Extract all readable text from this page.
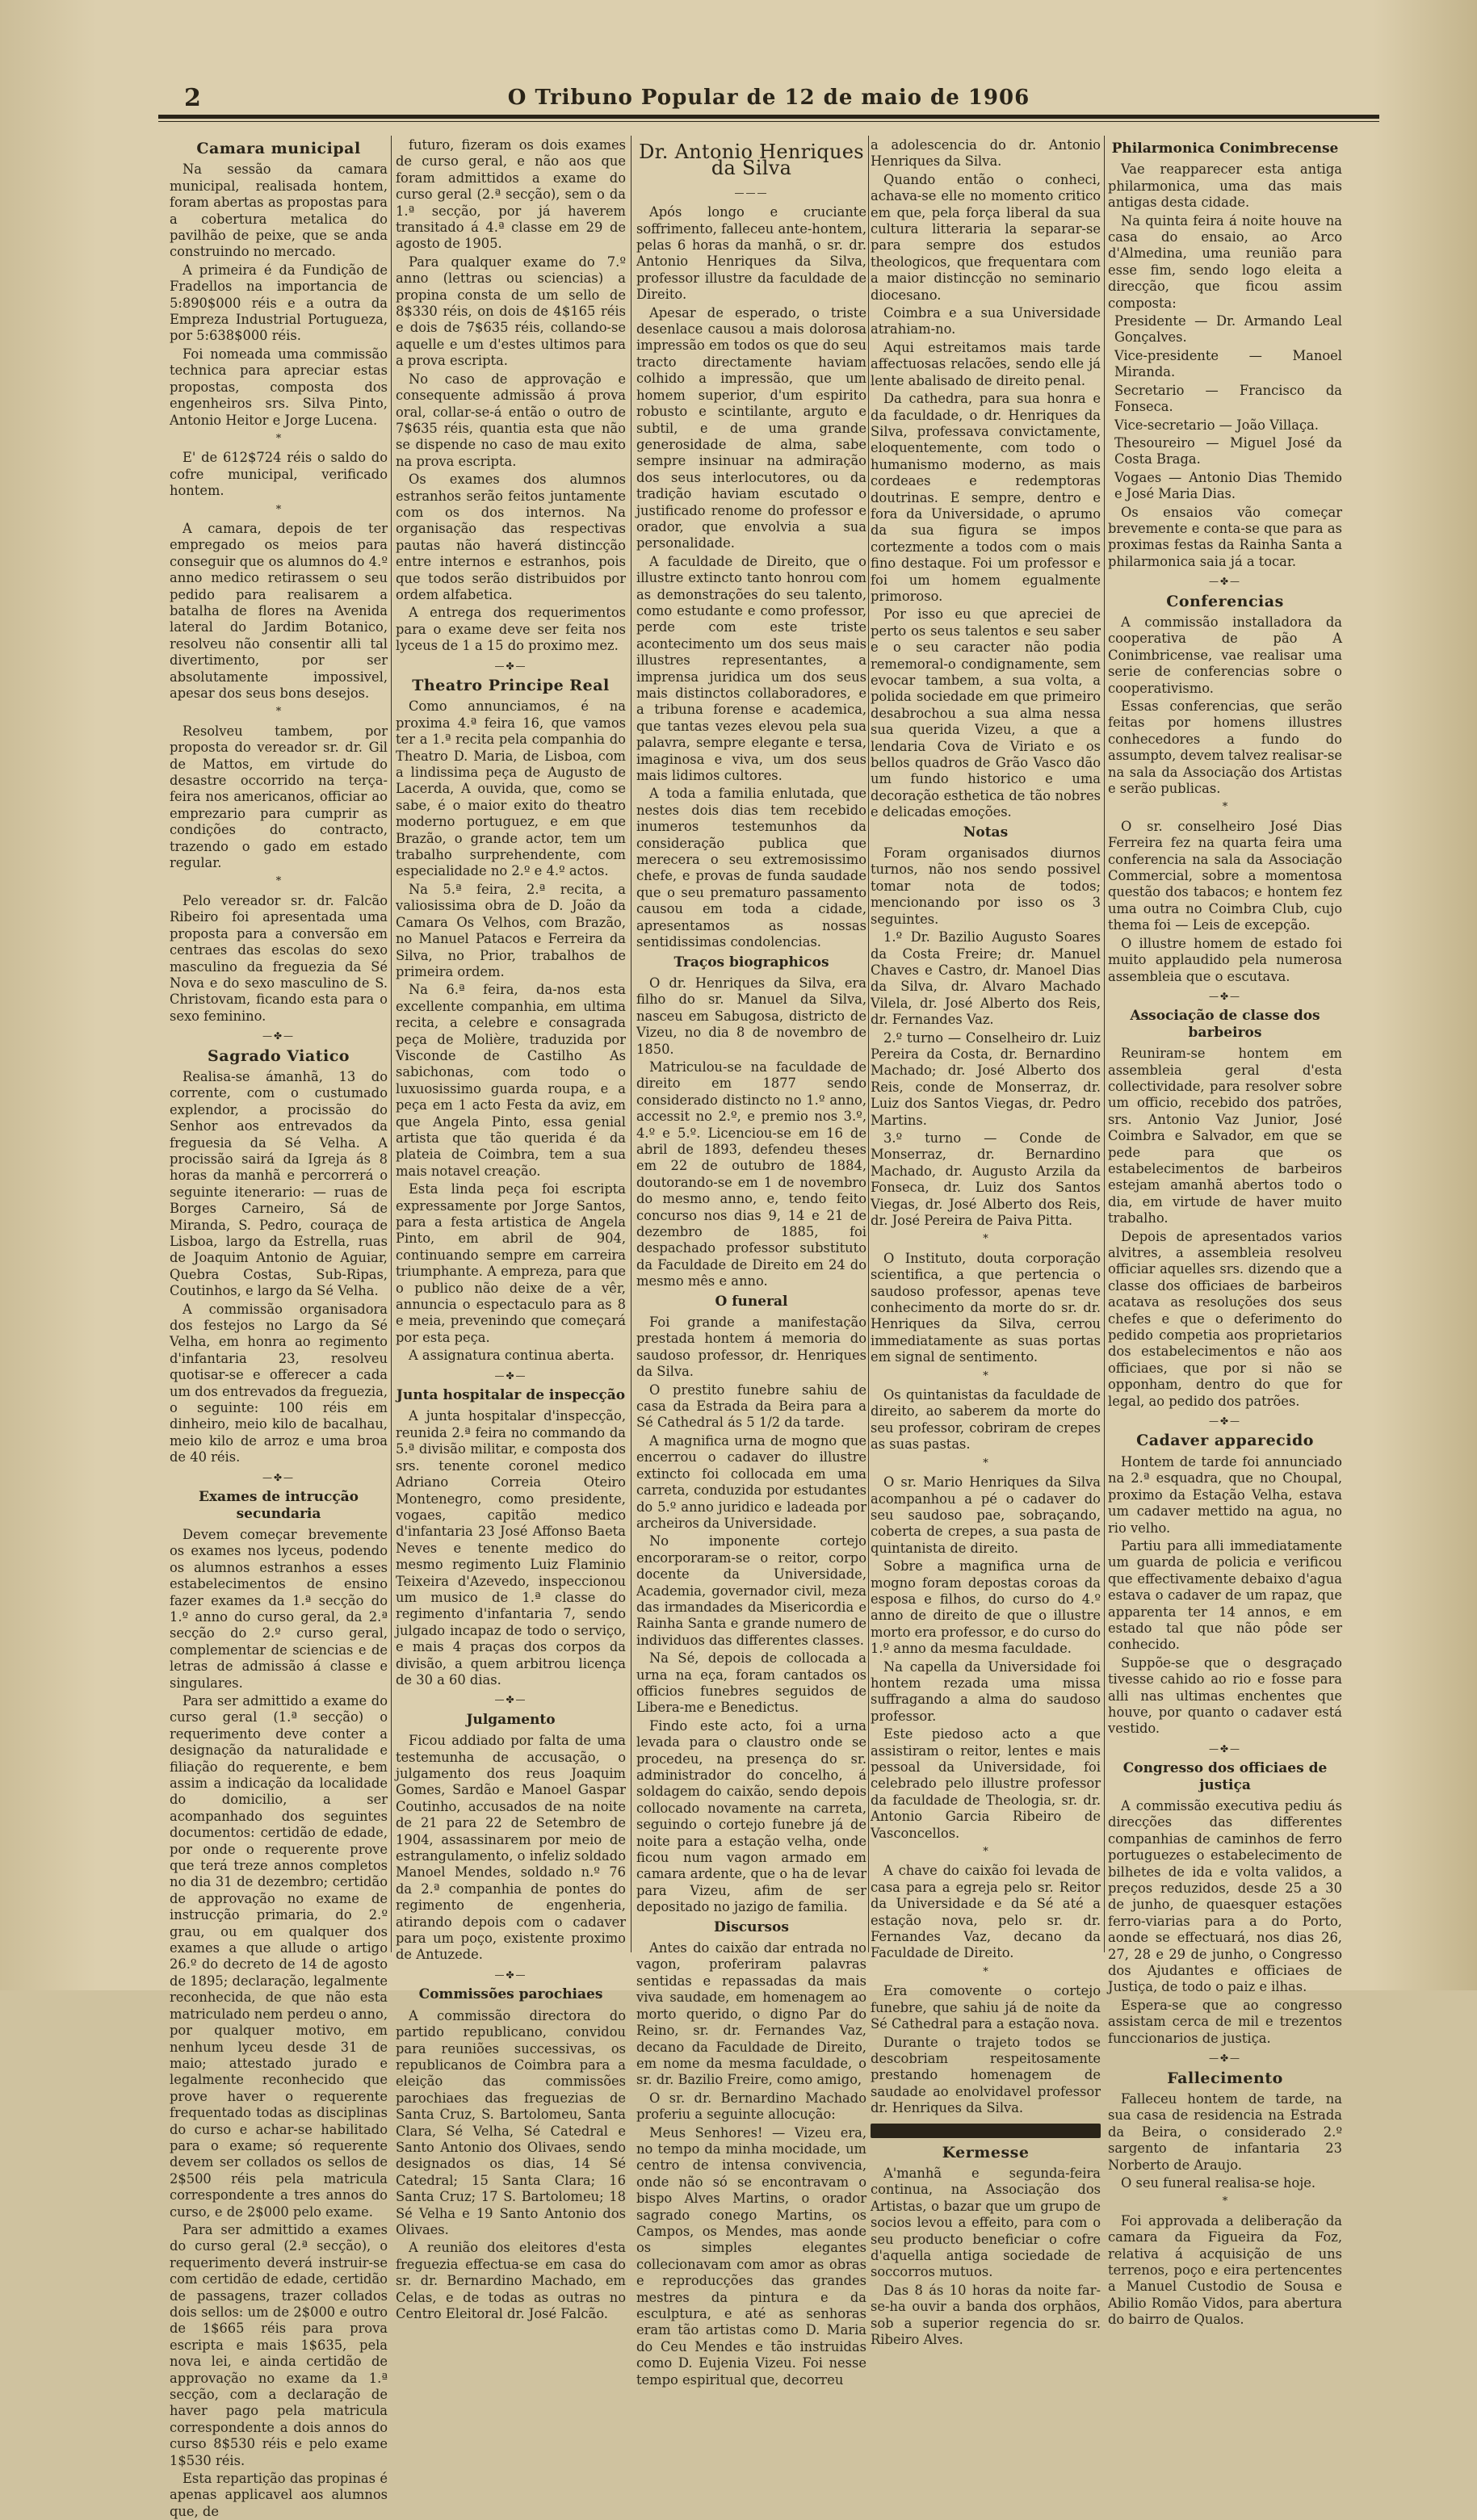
2	O Tribuno Popular de 12 de maio de 1906
Camara municipal

Na sessão da camara municipal, realisada hontem, foram abertas as propostas para a cobertura metalica do pavilhão de peixe, que se anda construindo no mercado.

A primeira é da Fundição de Fradellos na importancia de 5:890$000 réis e a outra da Empreza Industrial Portugueza, por 5:638$000 réis.

Foi nomeada uma commissão technica para apreciar estas propostas, composta dos engenheiros srs. Silva Pinto, Antonio Heitor e Jorge Lucena.

*

E' de 612$724 réis o saldo do cofre municipal, verificado hontem.

*

A camara, depois de ter empregado os meios para conseguir que os alumnos do 4.º anno medico retirassem o seu pedido para realisarem a batalha de flores na Avenida lateral do Jardim Botanico, resolveu não consentir alli tal divertimento, por ser absolutamente impossivel, apesar dos seus bons desejos.

*

Resolveu tambem, por proposta do vereador sr. dr. Gil de Mattos, em virtude do desastre occorrido na terça-feira nos americanos, officiar ao emprezario para cumprir as condições do contracto, trazendo o gado em estado regular.

*

Pelo vereador sr. dr. Falcão Ribeiro foi apresentada uma proposta para a conversão em centraes das escolas do sexo masculino da freguezia da Sé Nova e do sexo masculino de S. Christovam, ficando esta para o sexo feminino.

—✤—
Sagrado Viatico

Realisa-se ámanhã, 13 do corrente, com o custumado explendor, a procissão do Senhor aos entrevados da freguesia da Sé Velha. A procissão sairá da Igreja ás 8 horas da manhã e percorrerá o seguinte itenerario: — ruas de Borges Carneiro, Sá de Miranda, S. Pedro, couraça de Lisboa, largo da Estrella, ruas de Joaquim Antonio de Aguiar, Quebra Costas, Sub-Ripas, Coutinhos, e largo da Sé Velha.

A commissão organisadora dos festejos no Largo da Sé Velha, em honra ao regimento d'infantaria 23, resolveu quotisar-se e offerecer a cada um dos entrevados da freguezia, o seguinte: 100 réis em dinheiro, meio kilo de bacalhau, meio kilo de arroz e uma broa de 40 réis.

—✤—
Exames de intrucção secundaria

Devem começar brevemente os exames nos lyceus, podendo os alumnos estranhos a esses estabelecimentos de ensino fazer exames da 1.ª secção do 1.º anno do curso geral, da 2.ª secção do 2.º curso geral, complementar de sciencias e de letras de admissão á classe e singulares.

Para ser admittido a exame do curso geral (1.ª secção) o requerimento deve conter a designação da naturalidade e filiação do requerente, e bem assim a indicação da localidade do domicilio, a ser acompanhado dos seguintes documentos: certidão de edade, por onde o requerente prove que terá treze annos completos no dia 31 de dezembro; certidão de approvação no exame de instrucção primaria, do 2.º grau, ou em qualquer dos exames a que allude o artigo 26.º do decreto de 14 de agosto de 1895; declaração, legalmente reconhecida, de que não esta matriculado nem perdeu o anno, por qualquer motivo, em nenhum lyceu desde 31 de maio; attestado jurado e legalmente reconhecido que prove haver o requerente frequentado todas as disciplinas do curso e achar-se habilitado para o exame; só requerente devem ser collados os sellos de 2$500 réis pela matricula correspondente a tres annos do curso, e de 2$000 pelo exame.

Para ser admittido a exames do curso geral (2.ª secção), o requerimento deverá instruir-se com certidão de edade, certidão de passagens, trazer collados dois sellos: um de 2$000 e outro de 1$665 réis para prova escripta e mais 1$635, pela nova lei, e ainda certidão de approvação no exame da 1.ª secção, com a declaração de haver pago pela matricula correspondente a dois annos do curso 8$530 réis e pelo exame 1$530 réis.

Esta repartição das propinas é apenas applicavel aos alumnos que, de

futuro, fizeram os dois exames de curso geral, e não aos que foram admittidos a exame do curso geral (2.ª secção), sem o da 1.ª secção, por já haverem transitado á 4.ª classe em 29 de agosto de 1905.

Para qualquer exame do 7.º anno (lettras ou sciencias) a propina consta de um sello de 8$330 réis, on dois de 4$165 réis e dois de 7$635 réis, collando-se aquelle e um d'estes ultimos para a prova escripta.

No caso de approvação e consequente admissão á prova oral, collar-se-á então o outro de 7$635 réis, quantia esta que não se dispende no caso de mau exito na prova escripta.

Os exames dos alumnos estranhos serão feitos juntamente com os dos internos. Na organisação das respectivas pautas não haverá distincção entre internos e estranhos, pois que todos serão distribuidos por ordem alfabetica.

A entrega dos requerimentos para o exame deve ser feita nos lyceus de 1 a 15 do proximo mez.

—✤—
Theatro Principe Real

Como annunciamos, é na proxima 4.ª feira 16, que vamos ter a 1.ª recita pela companhia do Theatro D. Maria, de Lisboa, com a lindissima peça de Augusto de Lacerda, A ouvida, que, como se sabe, é o maior exito do theatro moderno portuguez, e em que Brazão, o grande actor, tem um trabalho surprehendente, com especialidade no 2.º e 4.º actos.

Na 5.ª feira, 2.ª recita, a valiosissima obra de D. João da Camara Os Velhos, com Brazão, no Manuel Patacos e Ferreira da Silva, no Prior, trabalhos de primeira ordem.

Na 6.ª feira, da-nos esta excellente companhia, em ultima recita, a celebre e consagrada peça de Molière, traduzida por Visconde de Castilho As sabichonas, com todo o luxuosissimo guarda roupa, e a peça em 1 acto Festa da aviz, em que Angela Pinto, essa genial artista que tão querida é da plateia de Coimbra, tem a sua mais notavel creação.

Esta linda peça foi escripta expressamente por Jorge Santos, para a festa artistica de Angela Pinto, em abril de 904, continuando sempre em carreira triumphante. A empreza, para que o publico não deixe de a vêr, annuncia o espectaculo para as 8 e meia, prevenindo que começará por esta peça.

A assignatura continua aberta.

—✤—
Junta hospitalar de inspecção

A junta hospitalar d'inspecção, reunida 2.ª feira no commando da 5.ª divisão militar, e composta dos srs. tenente coronel medico Adriano Correia Oteiro Montenegro, como presidente, vogaes, capitão medico d'infantaria 23 José Affonso Baeta Neves e tenente medico do mesmo regimento Luiz Flaminio Teixeira d'Azevedo, inspeccionou um musico de 1.ª classe do regimento d'infantaria 7, sendo julgado incapaz de todo o serviço, e mais 4 praças dos corpos da divisão, a quem arbitrou licença de 30 a 60 dias.

—✤—
Julgamento

Ficou addiado por falta de uma testemunha de accusação, o julgamento dos reus Joaquim Gomes, Sardão e Manoel Gaspar Coutinho, accusados de na noite de 21 para 22 de Setembro de 1904, assassinarem por meio de estrangulamento, o infeliz soldado Manoel Mendes, soldado n.º 76 da 2.ª companhia de pontes do regimento de engenheria, atirando depois com o cadaver para um poço, existente proximo de Antuzede.

—✤—
Commissões parochiaes

A commissão directora do partido republicano, convidou para reuniões successivas, os republicanos de Coimbra para a eleição das commissões parochiaes das freguezias de Santa Cruz, S. Bartolomeu, Santa Clara, Sé Velha, Sé Catedral e Santo Antonio dos Olivaes, sendo designados os dias, 14 Sé Catedral; 15 Santa Clara; 16 Santa Cruz; 17 S. Bartolomeu; 18 Sé Velha e 19 Santo Antonio dos Olivaes.

A reunião dos eleitores d'esta freguezia effectua-se em casa do sr. dr. Bernardino Machado, em Celas, e de todas as outras no Centro Eleitoral dr. José Falcão.

Dr. Antonio Henriques da Silva
———

Após longo e cruciante soffrimento, falleceu ante-hontem, pelas 6 horas da manhã, o sr. dr. Antonio Henriques da Silva, professor illustre da faculdade de Direito.

Apesar de esperado, o triste desenlace causou a mais dolorosa impressão em todos os que do seu tracto directamente haviam colhido a impressão, que um homem superior, d'um espirito robusto e scintilante, arguto e subtil, e de uma grande generosidade de alma, sabe sempre insinuar na admiração dos seus interlocutores, ou da tradição haviam escutado o justificado renome do professor e orador, que envolvia a sua personalidade.

A faculdade de Direito, que o illustre extincto tanto honrou com as demonstrações do seu talento, como estudante e como professor, perde com este triste acontecimento um dos seus mais illustres representantes, a imprensa juridica um dos seus mais distinctos collaboradores, e a tribuna forense e academica, que tantas vezes elevou pela sua palavra, sempre elegante e tersa, imaginosa e viva, um dos seus mais lidimos cultores.

A toda a familia enlutada, que nestes dois dias tem recebido inumeros testemunhos da consideração publica que merecera o seu extremosissimo chefe, e provas de funda saudade que o seu prematuro passamento causou em toda a cidade, apresentamos as nossas sentidissimas condolencias.

Traços biographicos

O dr. Henriques da Silva, era filho do sr. Manuel da Silva, nasceu em Sabugosa, districto de Vizeu, no dia 8 de novembro de 1850.

Matriculou-se na faculdade de direito em 1877 sendo considerado distincto no 1.º anno, accessit no 2.º, e premio nos 3.º, 4.º e 5.º. Licenciou-se em 16 de abril de 1893, defendeu theses em 22 de outubro de 1884, doutorando-se em 1 de novembro do mesmo anno, e, tendo feito concurso nos dias 9, 14 e 21 de dezembro de 1885, foi despachado professor substituto da Faculdade de Direito em 24 do mesmo mês e anno.

O funeral

Foi grande a manifestação prestada hontem á memoria do saudoso professor, dr. Henriques da Silva.

O prestito funebre sahiu de casa da Estrada da Beira para a Sé Cathedral ás 5 1/2 da tarde.

A magnifica urna de mogno que encerrou o cadaver do illustre extincto foi collocada em uma carreta, conduzida por estudantes do 5.º anno juridico e ladeada por archeiros da Universidade.

No imponente cortejo encorporaram-se o reitor, corpo docente da Universidade, Academia, governador civil, meza das irmandades da Misericordia e Rainha Santa e grande numero de individuos das differentes classes.

Na Sé, depois de collocada a urna na eça, foram cantados os officios funebres seguidos de Libera-me e Benedictus.

Findo este acto, foi a urna levada para o claustro onde se procedeu, na presença do sr. administrador do concelho, á soldagem do caixão, sendo depois collocado novamente na carreta, seguindo o cortejo funebre já de noite para a estação velha, onde ficou num vagon armado em camara ardente, que o ha de levar para Vizeu, afim de ser depositado no jazigo de familia.

Discursos

Antes do caixão dar entrada no vagon, proferiram palavras sentidas e repassadas da mais viva saudade, em homenagem ao morto querido, o digno Par do Reino, sr. dr. Fernandes Vaz, decano da Faculdade de Direito, em nome da mesma faculdade, o sr. dr. Bazilio Freire, como amigo,

O sr. dr. Bernardino Machado proferiu a seguinte allocução:

Meus Senhores! — Vizeu era, no tempo da minha mocidade, um centro de intensa convivencia, onde não só se encontravam o bispo Alves Martins, o orador sagrado conego Martins, os Campos, os Mendes, mas aonde os simples elegantes collecionavam com amor as obras e reproducções das grandes mestres da pintura e da esculptura, e até as senhoras eram tão artistas como D. Maria do Ceu Mendes e tão instruidas como D. Eujenia Vizeu. Foi nesse tempo espiritual que, decorreu

a adolescencia do dr. Antonio Henriques da Silva.

Quando então o conheci, achava-se elle no momento critico em que, pela força liberal da sua cultura litteraria la separar-se para sempre dos estudos theologicos, que frequentara com a maior distincção no seminario diocesano.

Coimbra e a sua Universidade atrahiam-no.

Aqui estreitamos mais tarde affectuosas relacões, sendo elle já lente abalisado de direito penal.

Da cathedra, para sua honra e da faculdade, o dr. Henriques da Silva, professava convictamente, eloquentemente, com todo o humanismo moderno, as mais cordeaes e redemptoras doutrinas. E sempre, dentro e fora da Universidade, o aprumo da sua figura se impos cortezmente a todos com o mais fino destaque. Foi um professor e foi um homem egualmente primoroso.

Por isso eu que apreciei de perto os seus talentos e seu saber e o seu caracter não podia rememoral-o condignamente, sem evocar tambem, a sua volta, a polida sociedade em que primeiro desabrochou a sua alma nessa sua querida Vizeu, a que a lendaria Cova de Viriato e os bellos quadros de Grão Vasco dão um fundo historico e uma decoração esthetica de tão nobres e delicadas emoções.

Notas

Foram organisados diurnos turnos, não nos sendo possivel tomar nota de todos; mencionando por isso os 3 seguintes.

1.º Dr. Bazilio Augusto Soares da Costa Freire; dr. Manuel Chaves e Castro, dr. Manoel Dias da Silva, dr. Alvaro Machado Vilela, dr. José Alberto dos Reis, dr. Fernandes Vaz.

2.º turno — Conselheiro dr. Luiz Pereira da Costa, dr. Bernardino Machado; dr. José Alberto dos Reis, conde de Monserraz, dr. Luiz dos Santos Viegas, dr. Pedro Martins.

3.º turno — Conde de Monserraz, dr. Bernardino Machado, dr. Augusto Arzila da Fonseca, dr. Luiz dos Santos Viegas, dr. José Alberto dos Reis, dr. José Pereira de Paiva Pitta.

*

O Instituto, douta corporação scientifica, a que pertencia o saudoso professor, apenas teve conhecimento da morte do sr. dr. Henriques da Silva, cerrou immediatamente as suas portas em signal de sentimento.

*

Os quintanistas da faculdade de direito, ao saberem da morte do seu professor, cobriram de crepes as suas pastas.

*

O sr. Mario Henriques da Silva acompanhou a pé o cadaver do seu saudoso pae, sobraçando, coberta de crepes, a sua pasta de quintanista de direito.

Sobre a magnifica urna de mogno foram depostas coroas da esposa e filhos, do curso do 4.º anno de direito de que o illustre morto era professor, e do curso do 1.º anno da mesma faculdade.

Na capella da Universidade foi hontem rezada uma missa suffragando a alma do saudoso professor.

Este piedoso acto a que assistiram o reitor, lentes e mais pessoal da Universidade, foi celebrado pelo illustre professor da faculdade de Theologia, sr. dr. Antonio Garcia Ribeiro de Vasconcellos.

*

A chave do caixão foi levada de casa para a egreja pelo sr. Reitor da Universidade e da Sé até a estação nova, pelo sr. dr. Fernandes Vaz, decano da Faculdade de Direito.

*

Era comovente o cortejo funebre, que sahiu já de noite da Sé Cathedral para a estação nova.

Durante o trajeto todos se descobriam respeitosamente prestando homenagem de saudade ao enolvidavel professor dr. Henriques da Silva.

Kermesse

A'manhã e segunda-feira continua, na Associação dos Artistas, o bazar que um grupo de socios levou a effeito, para com o seu producto beneficiar o cofre d'aquella antiga sociedade de soccorros mutuos.

Das 8 ás 10 horas da noite far-se-ha ouvir a banda dos orphãos, sob a superior regencia do sr. Ribeiro Alves.

Philarmonica Conimbrecense

Vae reapparecer esta antiga philarmonica, uma das mais antigas desta cidade.

Na quinta feira á noite houve na casa do ensaio, ao Arco d'Almedina, uma reunião para esse fim, sendo logo eleita a direcção, que ficou assim composta:

Presidente — Dr. Armando Leal Gonçalves.

Vice-presidente — Manoel Miranda.

Secretario — Francisco da Fonseca.

Vice-secretario — João Villaça.

Thesoureiro — Miguel José da Costa Braga.

Vogaes — Antonio Dias Themido e José Maria Dias.

Os ensaios vão começar brevemente e conta-se que para as proximas festas da Rainha Santa a philarmonica saia já a tocar.

—✤—
Conferencias

A commissão installadora da cooperativa de pão A Conimbricense, vae realisar uma serie de conferencias sobre o cooperativismo.

Essas conferencias, que serão feitas por homens illustres conhecedores a fundo do assumpto, devem talvez realisar-se na sala da Associação dos Artistas e serão publicas.

*

O sr. conselheiro José Dias Ferreira fez na quarta feira uma conferencia na sala da Associação Commercial, sobre a momentosa questão dos tabacos; e hontem fez uma outra no Coimbra Club, cujo thema foi — Leis de excepção.

O illustre homem de estado foi muito applaudido pela numerosa assembleia que o escutava.

—✤—
Associação de classe dos barbeiros

Reuniram-se hontem em assembleia geral d'esta collectividade, para resolver sobre um officio, recebido dos patrões, srs. Antonio Vaz Junior, José Coimbra e Salvador, em que se pede para que os estabelecimentos de barbeiros estejam amanhã abertos todo o dia, em virtude de haver muito trabalho.

Depois de apresentados varios alvitres, a assembleia resolveu officiar aquelles srs. dizendo que a classe dos officiaes de barbeiros acatava as resoluções dos seus chefes e que o deferimento do pedido competia aos proprietarios dos estabelecimentos e não aos officiaes, que por si não se opponham, dentro do que for legal, ao pedido dos patrões.

—✤—
Cadaver apparecido

Hontem de tarde foi annunciado na 2.ª esquadra, que no Choupal, proximo da Estação Velha, estava um cadaver mettido na agua, no rio velho.

Partiu para alli immediatamente um guarda de policia e verificou que effectivamente debaixo d'agua estava o cadaver de um rapaz, que apparenta ter 14 annos, e em estado tal que não pôde ser conhecido.

Suppõe-se que o desgraçado tivesse cahido ao rio e fosse para alli nas ultimas enchentes que houve, por quanto o cadaver está vestido.

—✤—
Congresso dos officiaes de justiça

A commissão executiva pediu ás direcções das differentes companhias de caminhos de ferro portuguezes o estabelecimento de bilhetes de ida e volta validos, a preços reduzidos, desde 25 a 30 de junho, de quaesquer estações ferro-viarias para a do Porto, aonde se effectuará, nos dias 26, 27, 28 e 29 de junho, o Congresso dos Ajudantes e officiaes de Justiça, de todo o paiz e ilhas.

Espera-se que ao congresso assistam cerca de mil e trezentos funccionarios de justiça.

—✤—
Fallecimento

Falleceu hontem de tarde, na sua casa de residencia na Estrada da Beira, o considerado 2.º sargento de infantaria 23 Norberto de Araujo.

O seu funeral realisa-se hoje.

*

Foi approvada a deliberação da camara da Figueira da Foz, relativa á acquisição de uns terrenos, poço e eira pertencentes a Manuel Custodio de Sousa e Abilio Romão Vidos, para abertura do bairro de Qualos.
